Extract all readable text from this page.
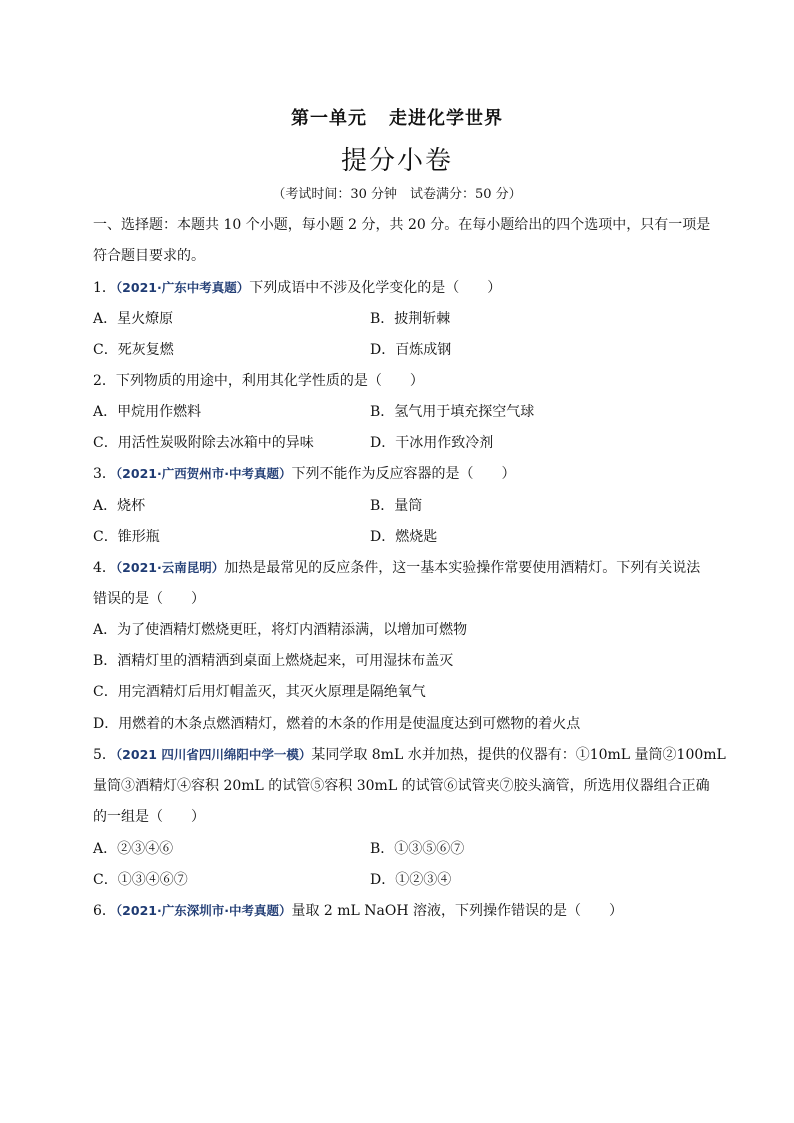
第一单元 走进化学世界
提分小卷
（考试时间：30 分钟　试卷满分：50 分）
一、选择题：本题共 10 个小题，每小题 2 分，共 20 分。在每小题给出的四个选项中，只有一项是
符合题目要求的。
1．（2021·广东中考真题）下列成语中不涉及化学变化的是（　　）
A．星火燎原	B．披荆斩棘
C．死灰复燃	D．百炼成钢
2．下列物质的用途中，利用其化学性质的是（　　）
A．甲烷用作燃料	B．氢气用于填充探空气球
C．用活性炭吸附除去冰箱中的异味	D．干冰用作致冷剂
3．（2021·广西贺州市·中考真题）下列不能作为反应容器的是（　　）
A．烧杯	B．量筒
C．锥形瓶	D．燃烧匙
4．（2021·云南昆明）加热是最常见的反应条件，这一基本实验操作常要使用酒精灯。下列有关说法
错误的是（　　）
A．为了使酒精灯燃烧更旺，将灯内酒精添满，以增加可燃物
B．酒精灯里的酒精洒到桌面上燃烧起来，可用湿抹布盖灭
C．用完酒精灯后用灯帽盖灭，其灭火原理是隔绝氧气
D．用燃着的木条点燃酒精灯，燃着的木条的作用是使温度达到可燃物的着火点
5．（2021 四川省四川绵阳中学一模）某同学取 8mL 水并加热，提供的仪器有：①10mL 量筒②100mL
量筒③酒精灯④容积 20mL 的试管⑤容积 30mL 的试管⑥试管夹⑦胶头滴管，所选用仪器组合正确
的一组是（　　）
A．②③④⑥	B．①③⑤⑥⑦
C．①③④⑥⑦	D．①②③④
6．（2021·广东深圳市·中考真题）量取 2 mL NaOH 溶液，下列操作错误的是（　　）
